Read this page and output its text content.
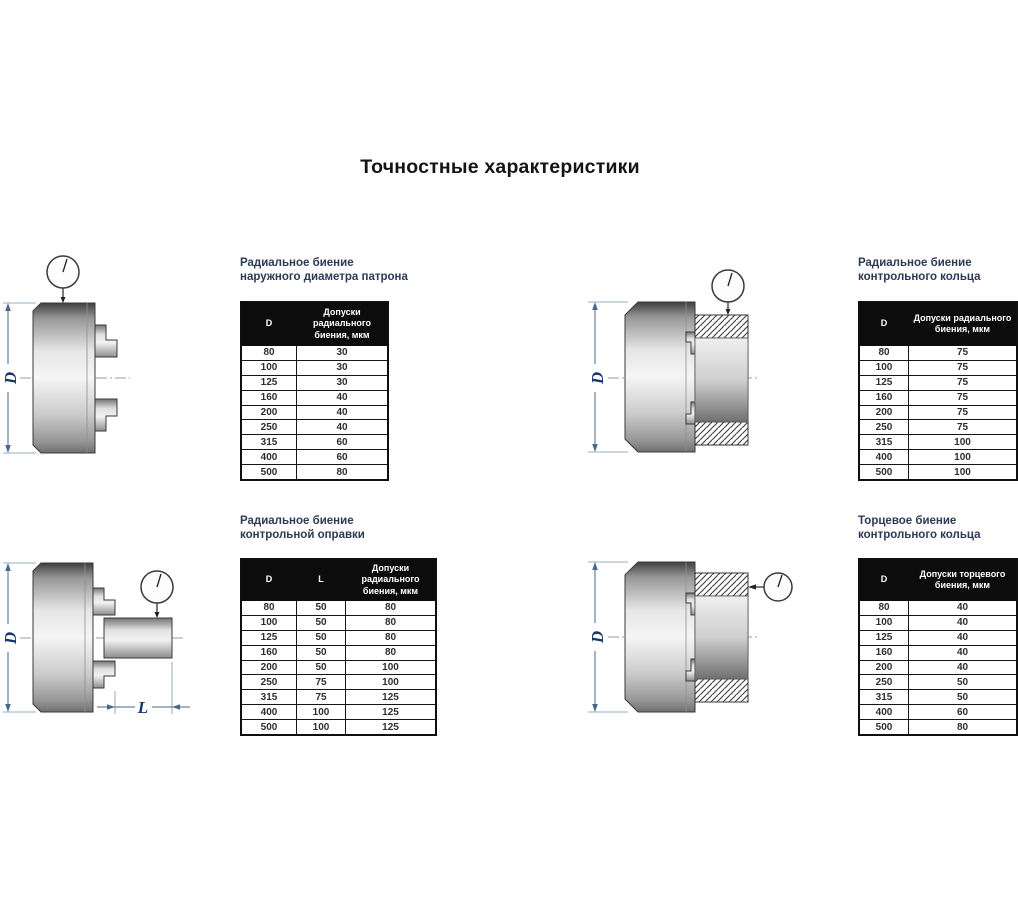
Точностные характеристики
D	D
D
L
D
Радиальное биение
наружного диаметра патрона
Радиальное биение
контрольного кольца
Радиальное биение
контрольной оправки
Торцевое биение
контрольного кольца
D	Допуски радиального биения, мкм
80	30
100	30
125	30
160	40
200	40
250	40
315	60
400	60
500	80
D	Допуски радиального биения, мкм
80	75
100	75
125	75
160	75
200	75
250	75
315	100
400	100
500	100
D	L	Допуски радиального биения, мкм
80	50	80
100	50	80
125	50	80
160	50	80
200	50	100
250	75	100
315	75	125
400	100	125
500	100	125
D	Допуски торцевого биения, мкм
80	40
100	40
125	40
160	40
200	40
250	50
315	50
400	60
500	80
